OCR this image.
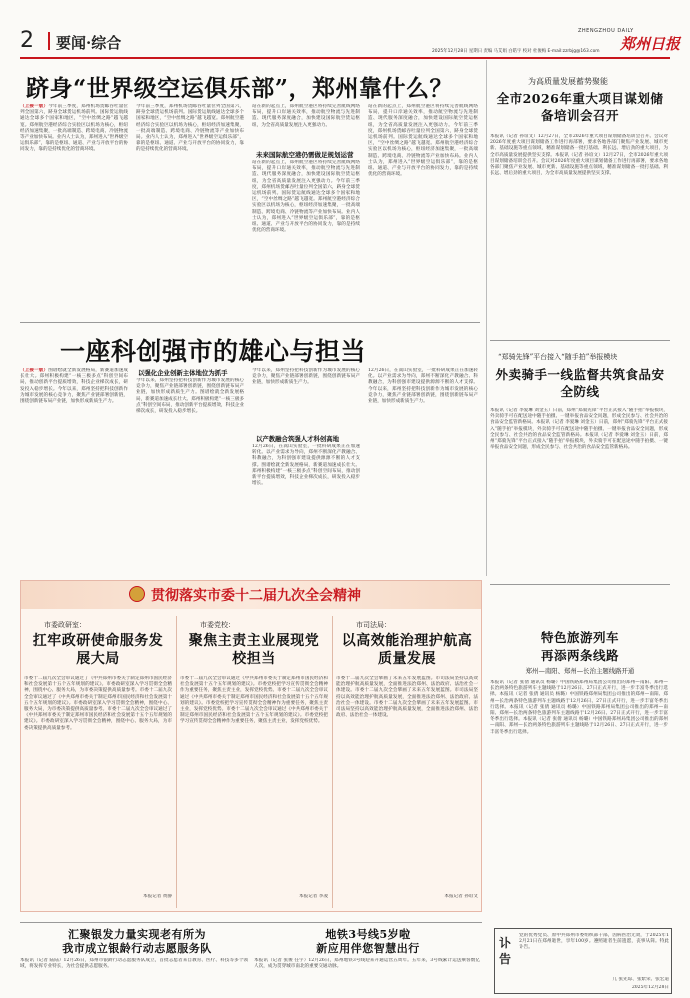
2 要闻·综合
ZHENGZHOU DAILY
郑州日报
2025年12月28日 星期日 责编 马艾娟 白皓宇 校对 杜俊梅 E-mail:zzrbjg@163.com
跻身“世界级空运俱乐部”，郑州靠什么？
（上接一版）今年前三季度，郑州机场货邮吞吐量位列全国第六，跻身全球货运机场前列。国际货运航线通达全球多个国家和地区，“空中丝绸之路”越飞越宽。郑州航空港经济综合实验区以机场为核心，枢纽经济加速集聚，一批高端制造、跨境电商、冷链物流等产业加快布局。业内人士认为，郑州进入“世界级空运俱乐部”，靠的是枢纽、通道、产业与开放平台的协同发力，靠的是持续优化的营商环境。
今年前三季度，郑州机场货邮吞吐量位列全国第六，跻身全球货运机场前列。国际货运航线通达全球多个国家和地区，“空中丝绸之路”越飞越宽。郑州航空港经济综合实验区以机场为核心，枢纽经济加速集聚，一批高端制造、跨境电商、冷链物流等产业加快布局。业内人士认为，郑州进入“世界级空运俱乐部”，靠的是枢纽、通道、产业与开放平台的协同发力，靠的是持续优化的营商环境。
站在新的起点上，郑州航空港区将持续完善航线网络布局，提升口岸通关效率，推动航空物流与先进制造、现代服务深度融合，加快建设国际航空货运枢纽，为全省高质量发展注入更强动力。
未来国际航空港仍需做足规划运营
站在新的起点上，郑州航空港区将持续完善航线网络布局，提升口岸通关效率，推动航空物流与先进制造、现代服务深度融合，加快建设国际航空货运枢纽，为全省高质量发展注入更强动力。今年前三季度，郑州机场货邮吞吐量位列全国第六，跻身全球货运机场前列。国际货运航线通达全球多个国家和地区，“空中丝绸之路”越飞越宽。郑州航空港经济综合实验区以机场为核心，枢纽经济加速集聚，一批高端制造、跨境电商、冷链物流等产业加快布局。业内人士认为，郑州进入“世界级空运俱乐部”，靠的是枢纽、通道、产业与开放平台的协同发力，靠的是持续优化的营商环境。
站在新的起点上，郑州航空港区将持续完善航线网络布局，提升口岸通关效率，推动航空物流与先进制造、现代服务深度融合，加快建设国际航空货运枢纽，为全省高质量发展注入更强动力。今年前三季度，郑州机场货邮吞吐量位列全国第六，跻身全球货运机场前列。国际货运航线通达全球多个国家和地区，“空中丝绸之路”越飞越宽。郑州航空港经济综合实验区以机场为核心，枢纽经济加速集聚，一批高端制造、跨境电商、冷链物流等产业加快布局。业内人士认为，郑州进入“世界级空运俱乐部”，靠的是枢纽、通道、产业与开放平台的协同发力，靠的是持续优化的营商环境。
为高质量发展蓄势聚能
全市2026年重大项目谋划储备培训会召开
本报讯（记者 孙谊文）12月27日，全市2026年重大项目谋划储备培训会召开。会议对2026年度重大项目谋划储备工作进行再部署，要求各地各部门聚焦产业发展、城市更新、基础设施等重点领域，精准谋划储备一批打基础、利长远、增后劲的重大项目，为全市高质量发展提供坚实支撑。本报讯（记者 孙谊文）12月27日，全市2026年重大项目谋划储备培训会召开。会议对2026年度重大项目谋划储备工作进行再部署，要求各地各部门聚焦产业发展、城市更新、基础设施等重点领域，精准谋划储备一批打基础、利长远、增后劲的重大项目，为全市高质量发展提供坚实支撑。
一座科创强市的雄心与担当
（上接一版）图谱绘就全新发展格局，新赛道加速成长壮大。郑州积极构建“一核三极多点”科创空间布局，推动创新平台提质增效，科技企业梯次成长，研发投入稳步增长。今年以来，郑州坚持把科技创新作为城市发展的核心竞争力，聚焦产业链部署创新链，围绕创新链布局产业链，加快形成新质生产力。
以强化企业创新主体地位为抓手
今年以来，郑州坚持把科技创新作为城市发展的核心竞争力，聚焦产业链部署创新链，围绕创新链布局产业链，加快形成新质生产力。图谱绘就全新发展格局，新赛道加速成长壮大。郑州积极构建“一核三极多点”科创空间布局，推动创新平台提质增效，科技企业梯次成长，研发投入稳步增长。
今年以来，郑州坚持把科技创新作为城市发展的核心竞争力，聚焦产业链部署创新链，围绕创新链布局产业链，加快形成新质生产力。
以产教融合筑强人才科创高地
12月26日，在嵩山实验室，一批科研成果正在加速转化。以产业需求为导向，郑州不断深化产教融合、科教融合，为科创强市建设提供源源不断的人才支撑。图谱绘就全新发展格局，新赛道加速成长壮大。郑州积极构建“一核三极多点”科创空间布局，推动创新平台提质增效，科技企业梯次成长，研发投入稳步增长。
12月26日，在嵩山实验室，一批科研成果正在加速转化。以产业需求为导向，郑州不断深化产教融合、科教融合，为科创强市建设提供源源不断的人才支撑。今年以来，郑州坚持把科技创新作为城市发展的核心竞争力，聚焦产业链部署创新链，围绕创新链布局产业链，加快形成新质生产力。
“郑骑先锋”平台接入“随手拍”举报模块
外卖骑手一线监督共筑食品安全防线
本报讯（记者 李爱琳 刘金玉）日前，郑州“郑骑先锋”平台正式接入“随手拍”举报模块，外卖骑手可在配送途中随手拍摄、一键举报食品安全问题，形成全民参与、社会共治的食品安全监管新格局。本报讯（记者 李爱琳 刘金玉）日前，郑州“郑骑先锋”平台正式接入“随手拍”举报模块，外卖骑手可在配送途中随手拍摄、一键举报食品安全问题，形成全民参与、社会共治的食品安全监管新格局。本报讯（记者 李爱琳 刘金玉）日前，郑州“郑骑先锋”平台正式接入“随手拍”举报模块，外卖骑手可在配送途中随手拍摄、一键举报食品安全问题，形成全民参与、社会共治的食品安全监管新格局。
贯彻落实市委十二届九次全会精神
市委政研室：
扛牢政研使命服务发展大局
市委十二届九次全会审议通过了《中共郑州市委关于制定郑州市国民经济和社会发展第十五个五年规划的建议》。市委政研室深入学习贯彻全会精神，围绕中心、服务大局，为市委决策提供高质量参考。市委十二届九次全会审议通过了《中共郑州市委关于制定郑州市国民经济和社会发展第十五个五年规划的建议》。市委政研室深入学习贯彻全会精神，围绕中心、服务大局，为市委决策提供高质量参考。市委十二届九次全会审议通过了《中共郑州市委关于制定郑州市国民经济和社会发展第十五个五年规划的建议》。市委政研室深入学习贯彻全会精神，围绕中心、服务大局，为市委决策提供高质量参考。
本报记者 黄静
市委党校：
聚焦主责主业展现党校担当
市委十二届九次全会审议通过《中共郑州市委关于制定郑州市国民经济和社会发展第十五个五年规划的建议》。市委党校把学习宣传贯彻全会精神作为重要任务，聚焦主责主业，发挥党校优势。市委十二届九次全会审议通过《中共郑州市委关于制定郑州市国民经济和社会发展第十五个五年规划的建议》。市委党校把学习宣传贯彻全会精神作为重要任务，聚焦主责主业，发挥党校优势。市委十二届九次全会审议通过《中共郑州市委关于制定郑州市国民经济和社会发展第十五个五年规划的建议》。市委党校把学习宣传贯彻全会精神作为重要任务，聚焦主责主业，发挥党校优势。
本报记者 李凌
市司法局：
以高效能治理护航高质量发展
市委十二届九次全会擘画了未来五年发展蓝图。市司法局坚持以高效能治理护航高质量发展，全面推进法治郑州、法治政府、法治社会一体建设。市委十二届九次全会擘画了未来五年发展蓝图。市司法局坚持以高效能治理护航高质量发展，全面推进法治郑州、法治政府、法治社会一体建设。市委十二届九次全会擘画了未来五年发展蓝图。市司法局坚持以高效能治理护航高质量发展，全面推进法治郑州、法治政府、法治社会一体建设。
本报记者 孙谊文
特色旅游列车
再添两条线路
郑州—南阳、郑州—长治主题线路开通
本报讯（记者 张倩 通讯员 杨璐）中国铁路郑州局集团公司推出的郑州—南阳、郑州—长治两条特色旅游列车主题线路于12月26日、27日正式开行，进一步丰富冬季出行选择。本报讯（记者 张倩 通讯员 杨璐）中国铁路郑州局集团公司推出的郑州—南阳、郑州—长治两条特色旅游列车主题线路于12月26日、27日正式开行，进一步丰富冬季出行选择。本报讯（记者 张倩 通讯员 杨璐）中国铁路郑州局集团公司推出的郑州—南阳、郑州—长治两条特色旅游列车主题线路于12月26日、27日正式开行，进一步丰富冬季出行选择。本报讯（记者 张倩 通讯员 杨璐）中国铁路郑州局集团公司推出的郑州—南阳、郑州—长治两条特色旅游列车主题线路于12月26日、27日正式开行，进一步丰富冬季出行选择。
汇聚银发力量实现老有所为
我市成立银龄行动志愿服务队
本报讯（记者 陆陆）12月26日，郑州市银龄行动志愿服务队成立，首批志愿者来自教育、医疗、科技等多个领域，将发挥专业特长，为社会提供志愿服务。
地铁3号线5岁啦
新应用伴您智慧出行
本报讯（记者 张俊 任宇）12月26日，郑州地铁3号线迎来开通运营五周年。五年来，3号线累计运送乘客数亿人次，成为贯穿城市南北的重要交通动脉。
讣告
党的优秀党员、原中共郑州市委组织部干部，因病医治无效，于2025年12月21日在郑州逝世，享年100岁。遵照逝者生前遗愿，丧事从简。特此讣告。
儿 张先琼、张紫荣、张宏道
2025年12月28日
